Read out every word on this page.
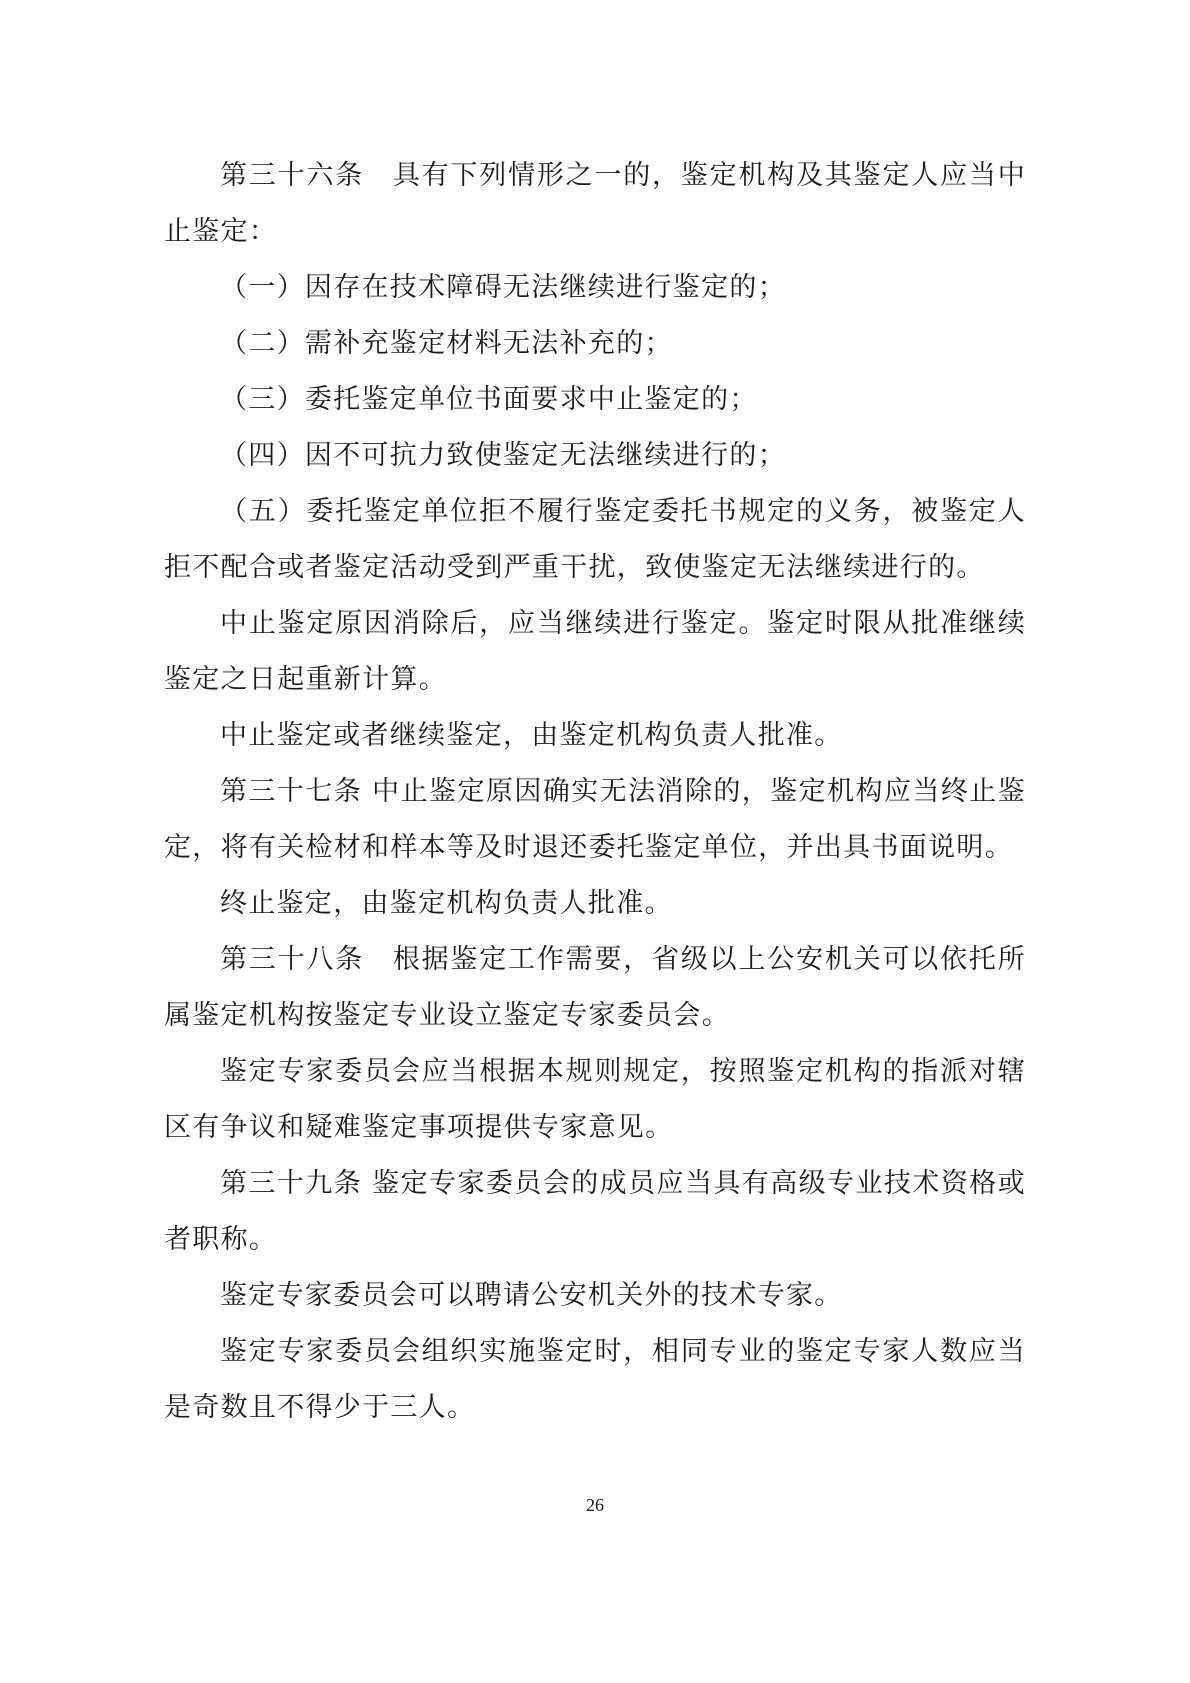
第三十六条　具有下列情形之一的，鉴定机构及其鉴定人应当中止鉴定：

（一）因存在技术障碍无法继续进行鉴定的；

（二）需补充鉴定材料无法补充的；

（三）委托鉴定单位书面要求中止鉴定的；

（四）因不可抗力致使鉴定无法继续进行的；

（五）委托鉴定单位拒不履行鉴定委托书规定的义务，被鉴定人拒不配合或者鉴定活动受到严重干扰，致使鉴定无法继续进行的。

中止鉴定原因消除后，应当继续进行鉴定。鉴定时限从批准继续鉴定之日起重新计算。

中止鉴定或者继续鉴定，由鉴定机构负责人批准。

第三十七条 中止鉴定原因确实无法消除的，鉴定机构应当终止鉴定，将有关检材和样本等及时退还委托鉴定单位，并出具书面说明。

终止鉴定，由鉴定机构负责人批准。

第三十八条　根据鉴定工作需要，省级以上公安机关可以依托所属鉴定机构按鉴定专业设立鉴定专家委员会。

鉴定专家委员会应当根据本规则规定，按照鉴定机构的指派对辖区有争议和疑难鉴定事项提供专家意见。

第三十九条 鉴定专家委员会的成员应当具有高级专业技术资格或者职称。

鉴定专家委员会可以聘请公安机关外的技术专家。

鉴定专家委员会组织实施鉴定时，相同专业的鉴定专家人数应当是奇数且不得少于三人。

26
